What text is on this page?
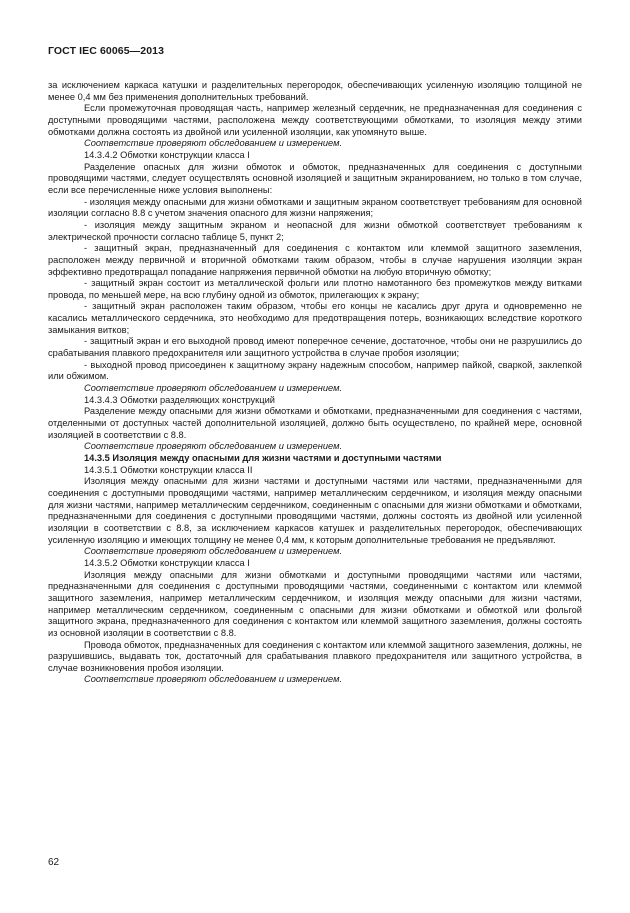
ГОСТ IEC 60065—2013

за исключением каркаса катушки и разделительных перегородок, обеспечивающих усиленную изоляцию толщиной не менее 0,4 мм без применения дополнительных требований.

Если промежуточная проводящая часть, например железный сердечник, не предназначенная для соединения с доступными проводящими частями, расположена между соответствующими обмотками, то изоляция между этими обмотками должна состоять из двойной или усиленной изоляции, как упомянуто выше.

Соответствие проверяют обследованием и измерением.

14.3.4.2 Обмотки конструкции класса I

Разделение опасных для жизни обмоток и обмоток, предназначенных для соединения с доступными проводящими частями, следует осуществлять основной изоляцией и защитным экранированием, но только в том случае, если все перечисленные ниже условия выполнены:

- изоляция между опасными для жизни обмотками и защитным экраном соответствует требованиям для основной изоляции согласно 8.8 с учетом значения опасного для жизни напряжения;

- изоляция между защитным экраном и неопасной для жизни обмоткой соответствует требованиям к электрической прочности согласно таблице 5, пункт 2;

- защитный экран, предназначенный для соединения с контактом или клеммой защитного заземления, расположен между первичной и вторичной обмотками таким образом, чтобы в случае нарушения изоляции экран эффективно предотвращал попадание напряжения первичной обмотки на любую вторичную обмотку;

- защитный экран состоит из металлической фольги или плотно намотанного без промежутков между витками провода, по меньшей мере, на всю глубину одной из обмоток, прилегающих к экрану;

- защитный экран расположен таким образом, чтобы его концы не касались друг друга и одновременно не касались металлического сердечника, это необходимо для предотвращения потерь, возникающих вследствие короткого замыкания витков;

- защитный экран и его выходной провод имеют поперечное сечение, достаточное, чтобы они не разрушились до срабатывания плавкого предохранителя или защитного устройства в случае пробоя изоляции;

- выходной провод присоединен к защитному экрану надежным способом, например пайкой, сваркой, заклепкой или обжимом.

Соответствие проверяют обследованием и измерением.

14.3.4.3 Обмотки разделяющих конструкций

Разделение между опасными для жизни обмотками и обмотками, предназначенными для соединения с частями, отделенными от доступных частей дополнительной изоляцией, должно быть осуществлено, по крайней мере, основной изоляцией в соответствии с 8.8.

Соответствие проверяют обследованием и измерением.

14.3.5 Изоляция между опасными для жизни частями и доступными частями

14.3.5.1 Обмотки конструкции класса II

Изоляция между опасными для жизни частями и доступными частями или частями, предназначенными для соединения с доступными проводящими частями, например металлическим сердечником, и изоляция между опасными для жизни частями, например металлическим сердечником, соединенным с опасными для жизни обмотками и обмотками, предназначенными для соединения с доступными проводящими частями, должны состоять из двойной или усиленной изоляции в соответствии с 8.8, за исключением каркасов катушек и разделительных перегородок, обеспечивающих усиленную изоляцию и имеющих толщину не менее 0,4 мм, к которым дополнительные требования не предъявляют.

Соответствие проверяют обследованием и измерением.

14.3.5.2 Обмотки конструкции класса I

Изоляция между опасными для жизни обмотками и доступными проводящими частями или частями, предназначенными для соединения с доступными проводящими частями, соединенными с контактом или клеммой защитного заземления, например металлическим сердечником, и изоляция между опасными для жизни частями, например металлическим сердечником, соединенным с опасными для жизни обмотками и обмоткой или фольгой защитного экрана, предназначенного для соединения с контактом или клеммой защитного заземления, должны состоять из основной изоляции в соответствии с 8.8.

Провода обмоток, предназначенных для соединения с контактом или клеммой защитного заземления, должны, не разрушившись, выдавать ток, достаточный для срабатывания плавкого предохранителя или защитного устройства, в случае возникновения пробоя изоляции.

Соответствие проверяют обследованием и измерением.

62
